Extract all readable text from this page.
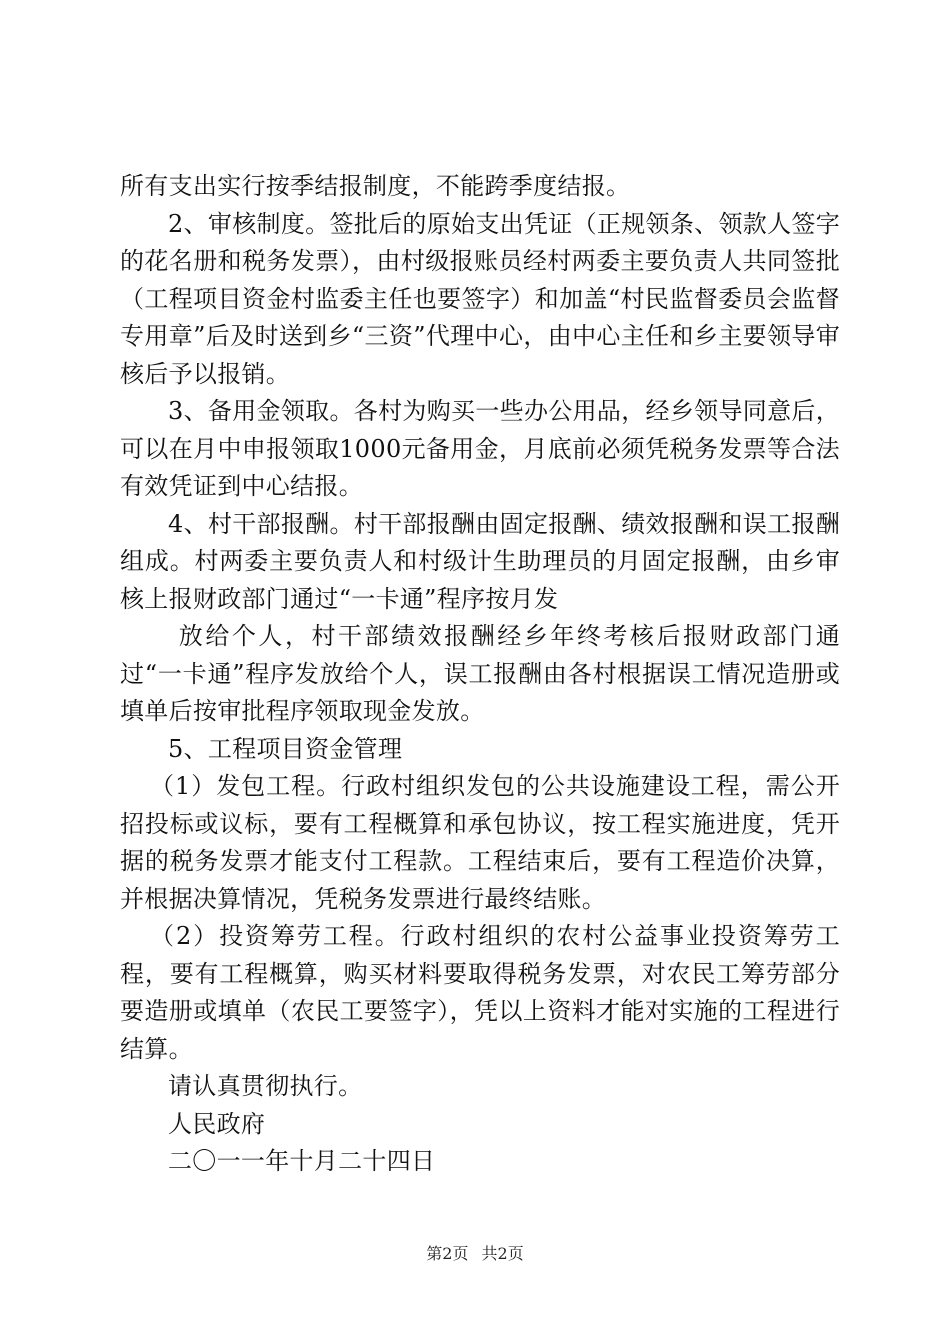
所有支出实行按季结报制度，不能跨季度结报。

2、审核制度。签批后的原始支出凭证（正规领条、领款人签字的花名册和税务发票），由村级报账员经村两委主要负责人共同签批（工程项目资金村监委主任也要签字）和加盖“村民监督委员会监督专用章”后及时送到乡“三资”代理中心，由中心主任和乡主要领导审核后予以报销。

3、备用金领取。各村为购买一些办公用品，经乡领导同意后，可以在月中申报领取1000元备用金，月底前必须凭税务发票等合法有效凭证到中心结报。

4、村干部报酬。村干部报酬由固定报酬、绩效报酬和误工报酬组成。村两委主要负责人和村级计生助理员的月固定报酬，由乡审核上报财政部门通过“一卡通”程序按月发

放给个人，村干部绩效报酬经乡年终考核后报财政部门通过“一卡通”程序发放给个人，误工报酬由各村根据误工情况造册或填单后按审批程序领取现金发放。

5、工程项目资金管理

（1）发包工程。行政村组织发包的公共设施建设工程，需公开招投标或议标，要有工程概算和承包协议，按工程实施进度，凭开据的税务发票才能支付工程款。工程结束后，要有工程造价决算，并根据决算情况，凭税务发票进行最终结账。

（2）投资筹劳工程。行政村组织的农村公益事业投资筹劳工程，要有工程概算，购买材料要取得税务发票，对农民工筹劳部分要造册或填单（农民工要签字），凭以上资料才能对实施的工程进行结算。

请认真贯彻执行。

人民政府

二〇一一年十月二十四日

第2页 共2页
